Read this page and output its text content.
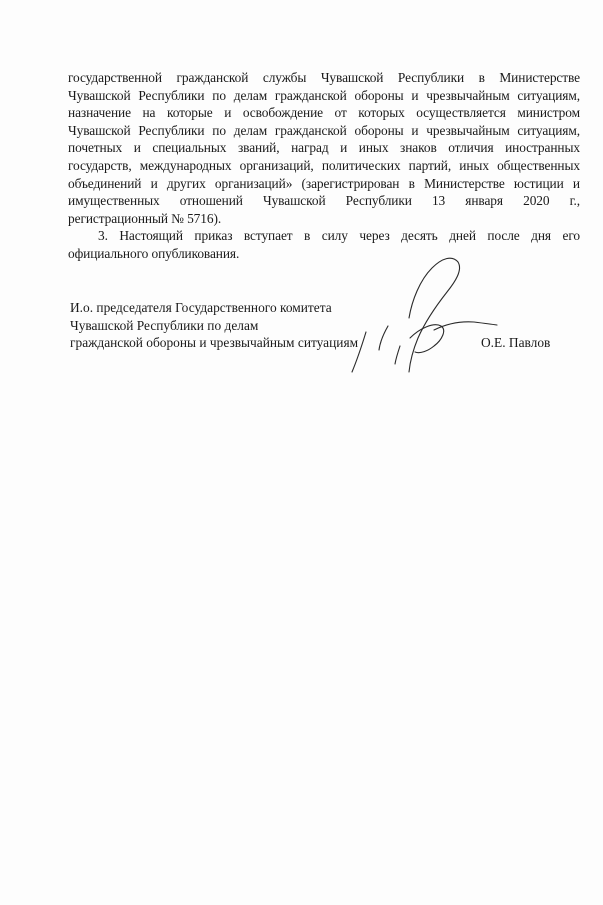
государственной гражданской службы Чувашской Республики в Министерстве
Чувашской Республики по делам гражданской обороны и чрезвычайным ситуациям,
назначение на которые и освобождение от которых осуществляется министром
Чувашской Республики по делам гражданской обороны и чрезвычайным ситуациям,
почетных и специальных званий, наград и иных знаков отличия иностранных
государств, международных организаций, политических партий, иных общественных
объединений и других организаций» (зарегистрирован в Министерстве юстиции и
имущественных отношений Чувашской Республики 13 января 2020 г.,
регистрационный № 5716).
3. Настоящий приказ вступает в силу через десять дней после дня его
официального опубликования.
И.о. председателя Государственного комитета
Чувашской Республики по делам
гражданской обороны и чрезвычайным ситуациям	О.Е. Павлов
